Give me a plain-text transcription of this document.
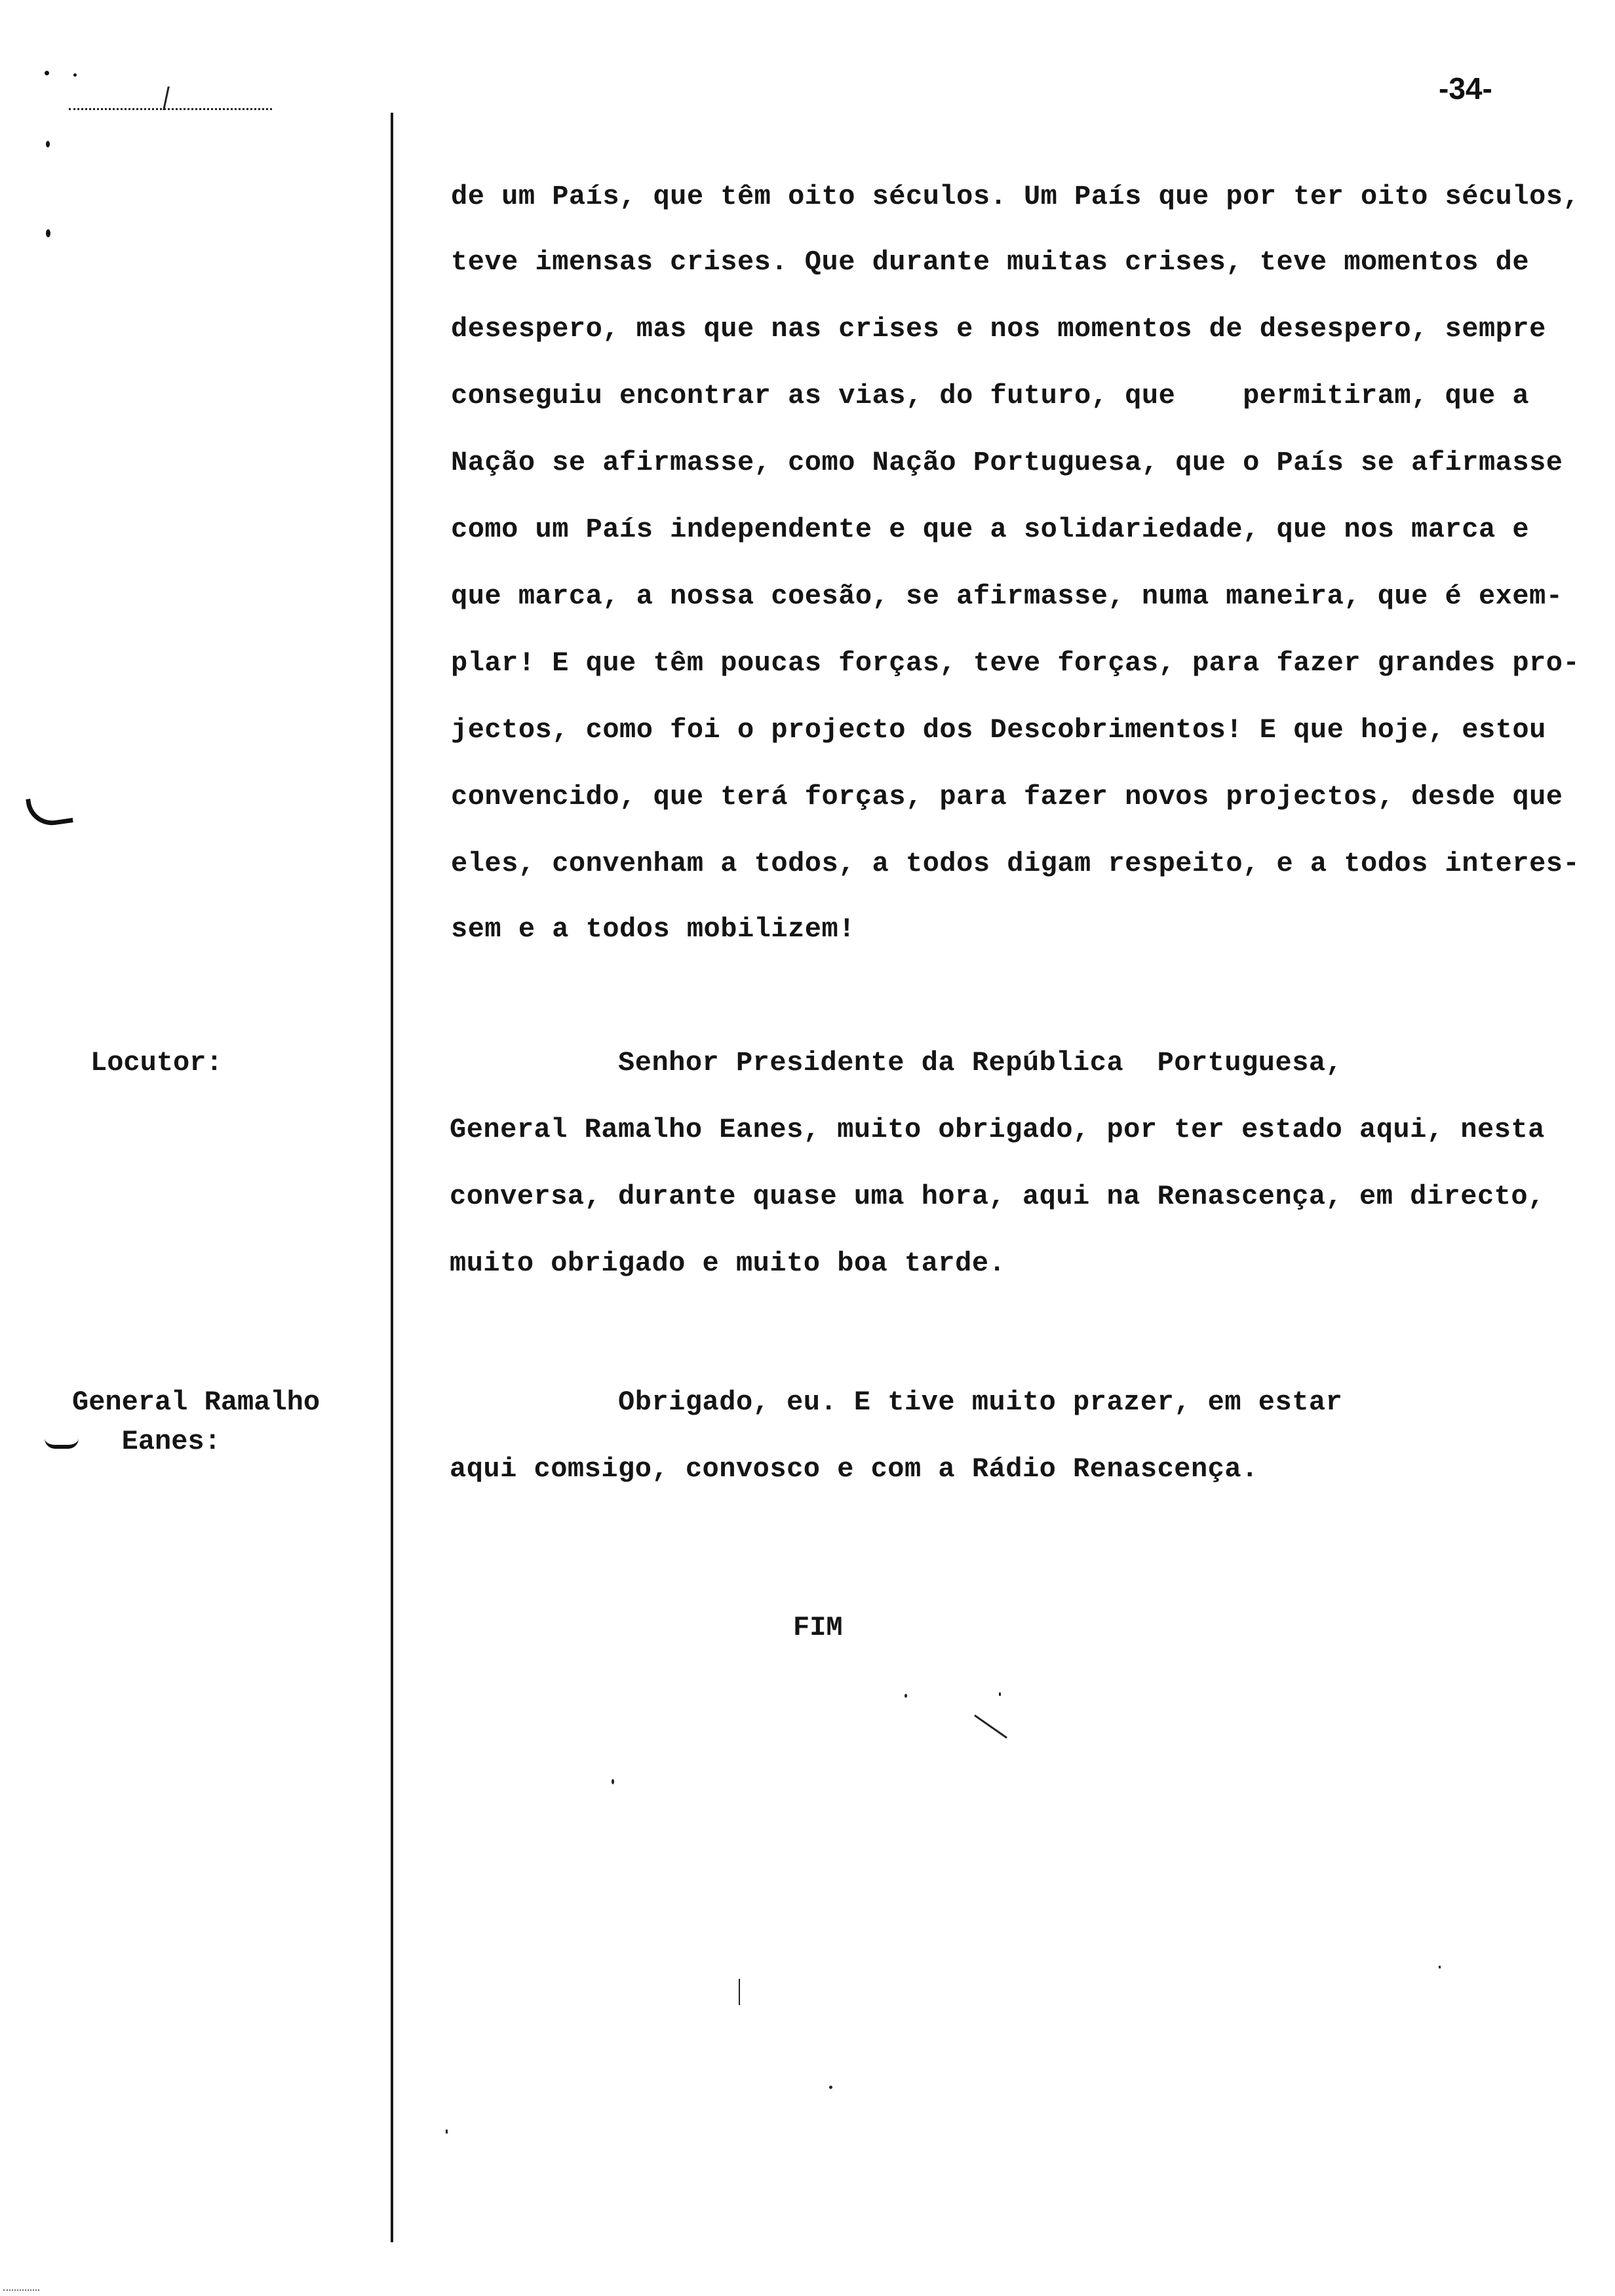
-34-
de um País, que têm oito séculos. Um País que por ter oito séculos,
teve imensas crises. Que durante muitas crises, teve momentos de
desespero, mas que nas crises e nos momentos de desespero, sempre
conseguiu encontrar as vias, do futuro, que    permitiram, que a
Nação se afirmasse, como Nação Portuguesa, que o País se afirmasse
como um País independente e que a solidariedade, que nos marca e
que marca, a nossa coesão, se afirmasse, numa maneira, que é exem-
plar! E que têm poucas forças, teve forças, para fazer grandes pro-
jectos, como foi o projecto dos Descobrimentos! E que hoje, estou
convencido, que terá forças, para fazer novos projectos, desde que
eles, convenham a todos, a todos digam respeito, e a todos interes-
sem e a todos mobilizem!
Locutor:	Senhor Presidente da República  Portuguesa,
General Ramalho Eanes, muito obrigado, por ter estado aqui, nesta
conversa, durante quase uma hora, aqui na Renascença, em directo,
muito obrigado e muito boa tarde.
General Ramalho
Eanes:
Obrigado, eu. E tive muito prazer, em estar
aqui comsigo, convosco e com a Rádio Renascença.
FIM
